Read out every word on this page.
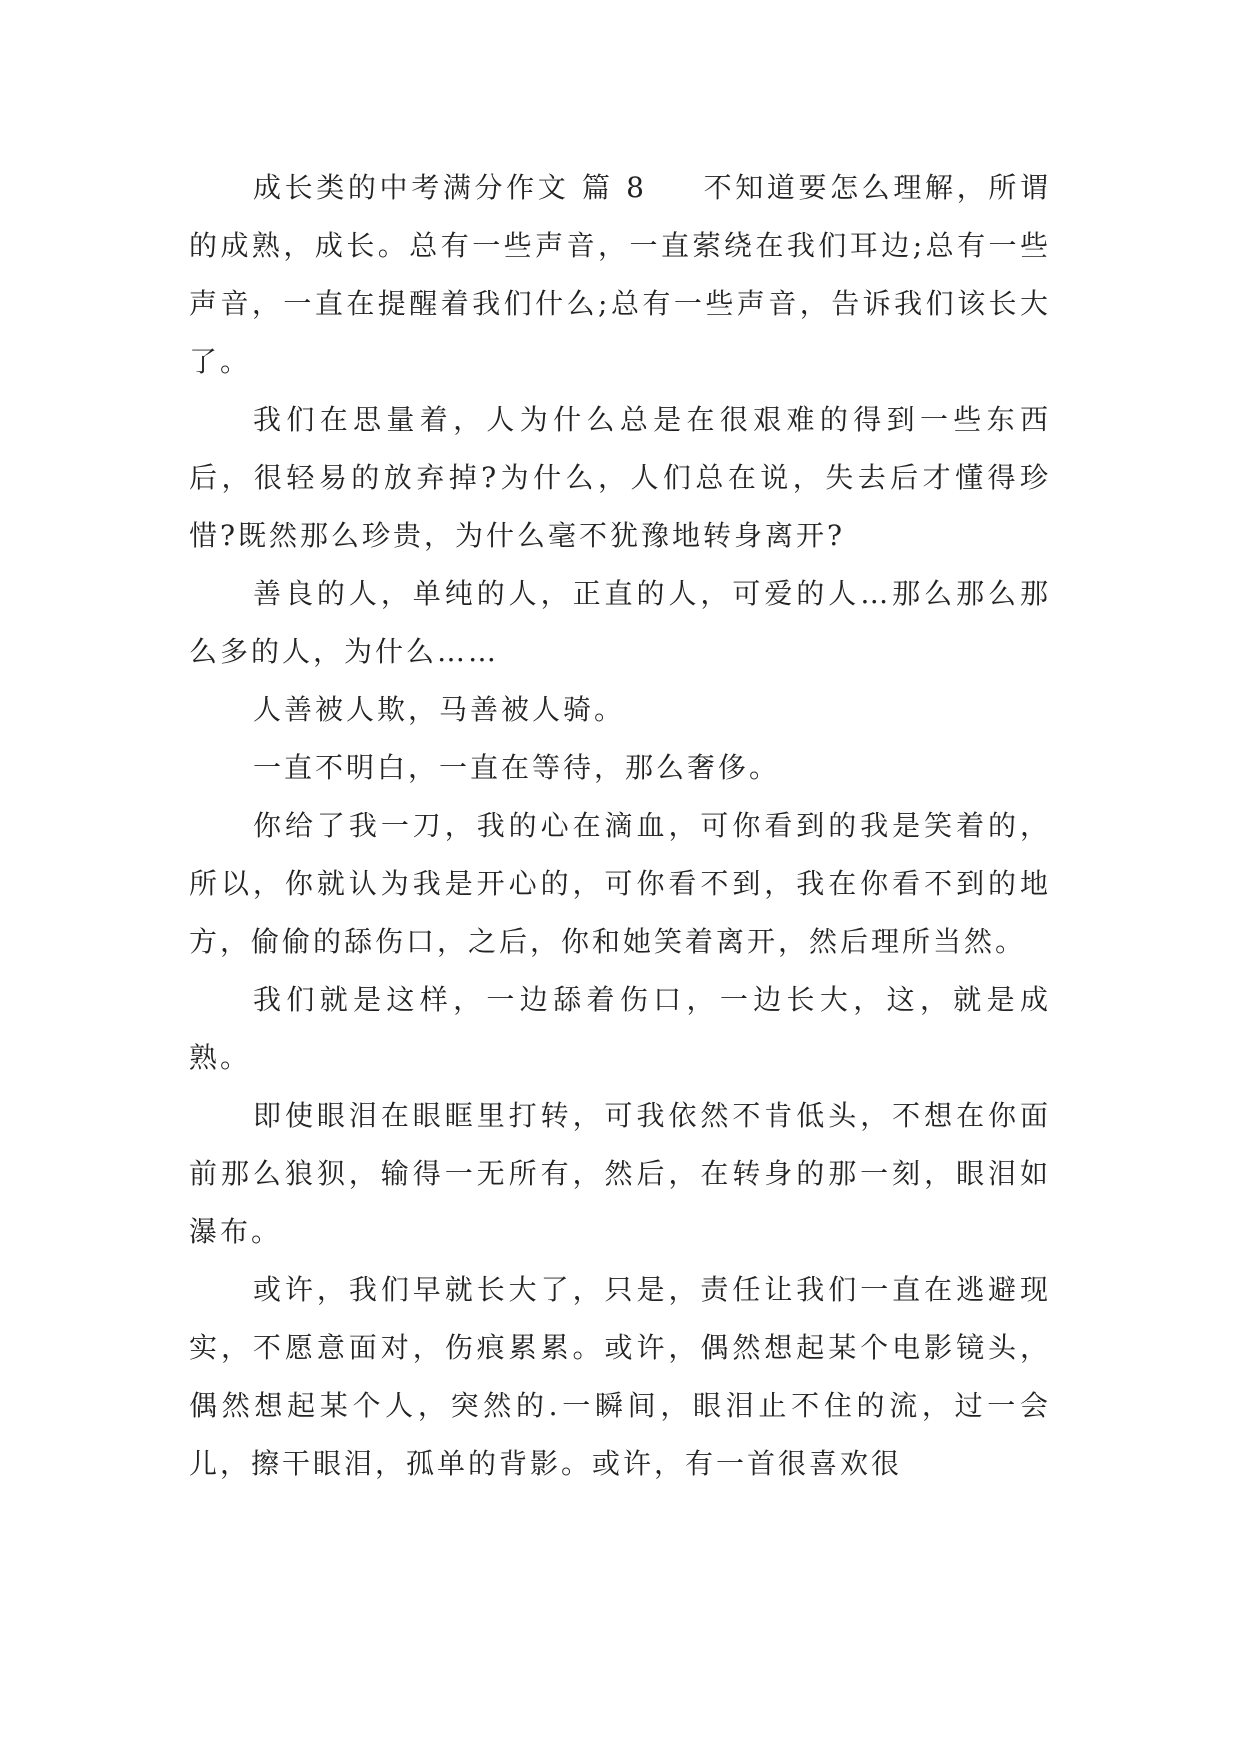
成长类的中考满分作文 篇 8 不知道要怎么理解，所谓的成熟，成长。总有一些声音，一直萦绕在我们耳边;总有一些声音，一直在提醒着我们什么;总有一些声音，告诉我们该长大了。

我们在思量着，人为什么总是在很艰难的得到一些东西后，很轻易的放弃掉?为什么，人们总在说，失去后才懂得珍惜?既然那么珍贵，为什么毫不犹豫地转身离开?

善良的人，单纯的人，正直的人，可爱的人…那么那么那么多的人，为什么……

人善被人欺，马善被人骑。

一直不明白，一直在等待，那么奢侈。

你给了我一刀，我的心在滴血，可你看到的我是笑着的，所以，你就认为我是开心的，可你看不到，我在你看不到的地方，偷偷的舔伤口，之后，你和她笑着离开，然后理所当然。

我们就是这样，一边舔着伤口，一边长大，这，就是成熟。

即使眼泪在眼眶里打转，可我依然不肯低头，不想在你面前那么狼狈，输得一无所有，然后，在转身的那一刻，眼泪如瀑布。

或许，我们早就长大了，只是，责任让我们一直在逃避现实，不愿意面对，伤痕累累。或许，偶然想起某个电影镜头，偶然想起某个人，突然的.一瞬间，眼泪止不住的流，过一会儿，擦干眼泪，孤单的背影。或许，有一首很喜欢很
